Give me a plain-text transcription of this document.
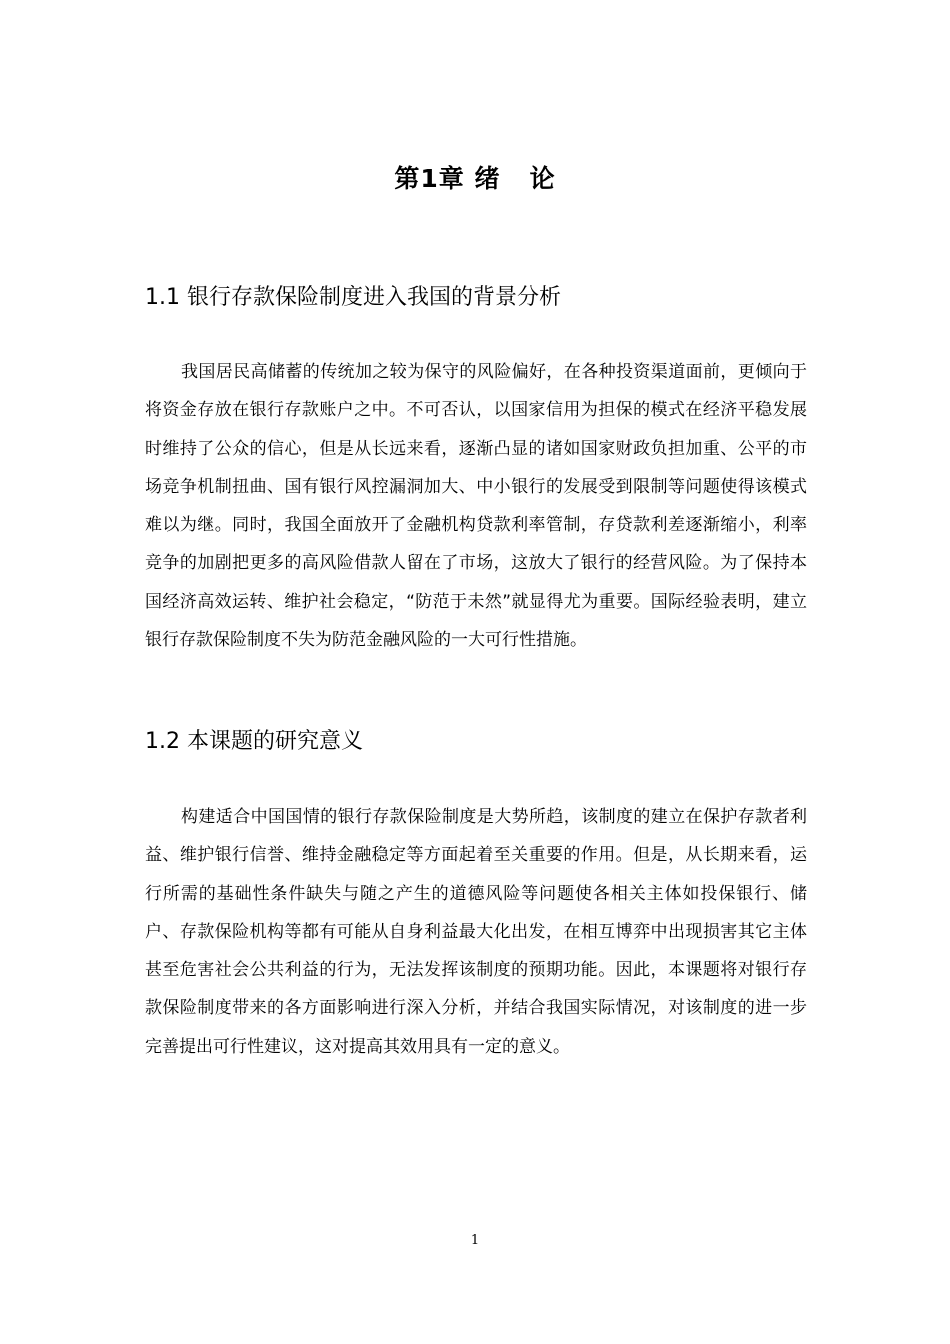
第1章 绪   论
1.1 银行存款保险制度进入我国的背景分析

我国居民高储蓄的传统加之较为保守的风险偏好，在各种投资渠道面前，更倾向于将资金存放在银行存款账户之中。不可否认，以国家信用为担保的模式在经济平稳发展时维持了公众的信心，但是从长远来看，逐渐凸显的诸如国家财政负担加重、公平的市场竞争机制扭曲、国有银行风控漏洞加大、中小银行的发展受到限制等问题使得该模式难以为继。同时，我国全面放开了金融机构贷款利率管制，存贷款利差逐渐缩小，利率竞争的加剧把更多的高风险借款人留在了市场，这放大了银行的经营风险。为了保持本国经济高效运转、维护社会稳定，“防范于未然”就显得尤为重要。国际经验表明，建立银行存款保险制度不失为防范金融风险的一大可行性措施。

1.2 本课题的研究意义

构建适合中国国情的银行存款保险制度是大势所趋，该制度的建立在保护存款者利益、维护银行信誉、维持金融稳定等方面起着至关重要的作用。但是，从长期来看，运行所需的基础性条件缺失与随之产生的道德风险等问题使各相关主体如投保银行、储户、存款保险机构等都有可能从自身利益最大化出发，在相互博弈中出现损害其它主体甚至危害社会公共利益的行为，无法发挥该制度的预期功能。因此，本课题将对银行存款保险制度带来的各方面影响进行深入分析，并结合我国实际情况，对该制度的进一步完善提出可行性建议，这对提高其效用具有一定的意义。

1
